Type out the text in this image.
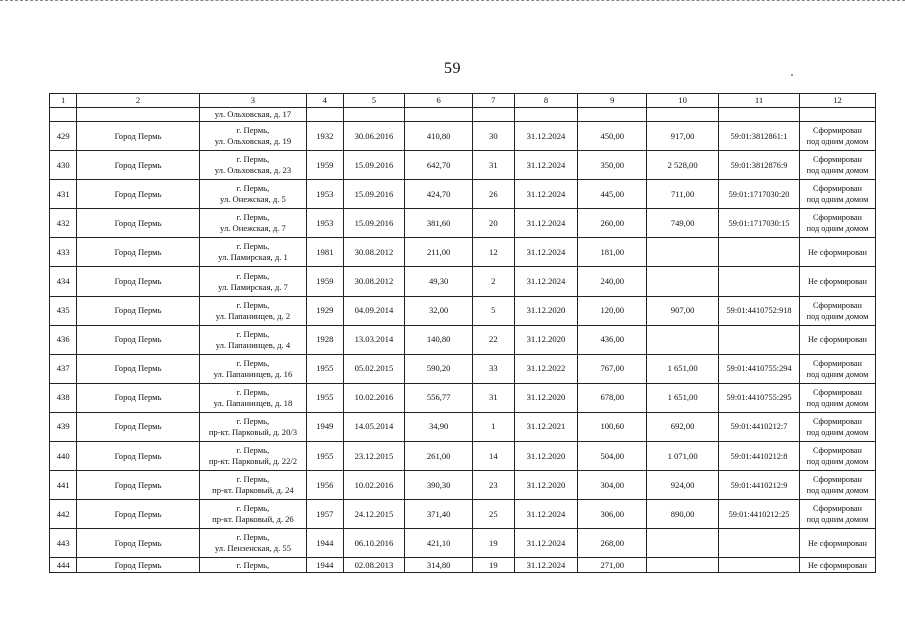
59
1	2	3	4	5	6	7	8	9	10	11	12
		ул. Ольховская, д. 17									
429	Город Пермь	г. Пермь,
ул. Ольховская, д. 19	1932	30.06.2016	410,80	30	31.12.2024	450,00	917,00	59:01:3812861:1	Сформирован
под одним домом

430	Город Пермь	г. Пермь,
ул. Ольховская, д. 23	1959	15.09.2016	642,70	31	31.12.2024	350,00	2 528,00	59:01:3812876:9	Сформирован
под одним домом

431	Город Пермь	г. Пермь,
ул. Онежская, д. 5	1953	15.09.2016	424,70	26	31.12.2024	445,00	711,00	59:01:1717030:20	Сформирован
под одним домом

432	Город Пермь	г. Пермь,
ул. Онежская, д. 7	1953	15.09.2016	381,60	20	31.12.2024	260,00	749,00	59:01:1717030:15	Сформирован
под одним домом

433	Город Пермь	г. Пермь,
ул. Памирская, д. 1	1981	30.08.2012	211,00	12	31.12.2024	181,00			Не сформирован

434	Город Пермь	г. Пермь,
ул. Памирская, д. 7	1959	30.08.2012	49,30	2	31.12.2024	240,00			Не сформирован

435	Город Пермь	г. Пермь,
ул. Папанинцев, д. 2	1929	04.09.2014	32,00	5	31.12.2020	120,00	907,00	59:01:4410752:918	Сформирован
под одним домом

436	Город Пермь	г. Пермь,
ул. Папанинцев, д. 4	1928	13.03.2014	140,80	22	31.12.2020	436,00			Не сформирован

437	Город Пермь	г. Пермь,
ул. Папанинцев, д. 16	1955	05.02.2015	590,20	33	31.12.2022	767,00	1 651,00	59:01:4410755:294	Сформирован
под одним домом

438	Город Пермь	г. Пермь,
ул. Папанинцев, д. 18	1955	10.02.2016	556,77	31	31.12.2020	678,00	1 651,00	59:01:4410755:295	Сформирован
под одним домом

439	Город Пермь	г. Пермь,
пр-кт. Парковый, д. 20/3	1949	14.05.2014	34,90	1	31.12.2021	100,60	692,00	59:01:4410212:7	Сформирован
под одним домом

440	Город Пермь	г. Пермь,
пр-кт. Парковый, д. 22/2	1955	23.12.2015	261,00	14	31.12.2020	504,00	1 071,00	59:01:4410212:8	Сформирован
под одним домом

441	Город Пермь	г. Пермь,
пр-кт. Парковый, д. 24	1956	10.02.2016	390,30	23	31.12.2020	304,00	924,00	59:01:4410212:9	Сформирован
под одним домом

442	Город Пермь	г. Пермь,
пр-кт. Парковый, д. 26	1957	24.12.2015	371,40	25	31.12.2024	306,00	890,00	59:01:4410212:25	Сформирован
под одним домом

443	Город Пермь	г. Пермь,
ул. Пензенская, д. 55	1944	06.10.2016	421,10	19	31.12.2024	268,00			Не сформирован

444	Город Пермь	г. Пермь,	1944	02.08.2013	314,80	19	31.12.2024	271,00			Не сформирован
